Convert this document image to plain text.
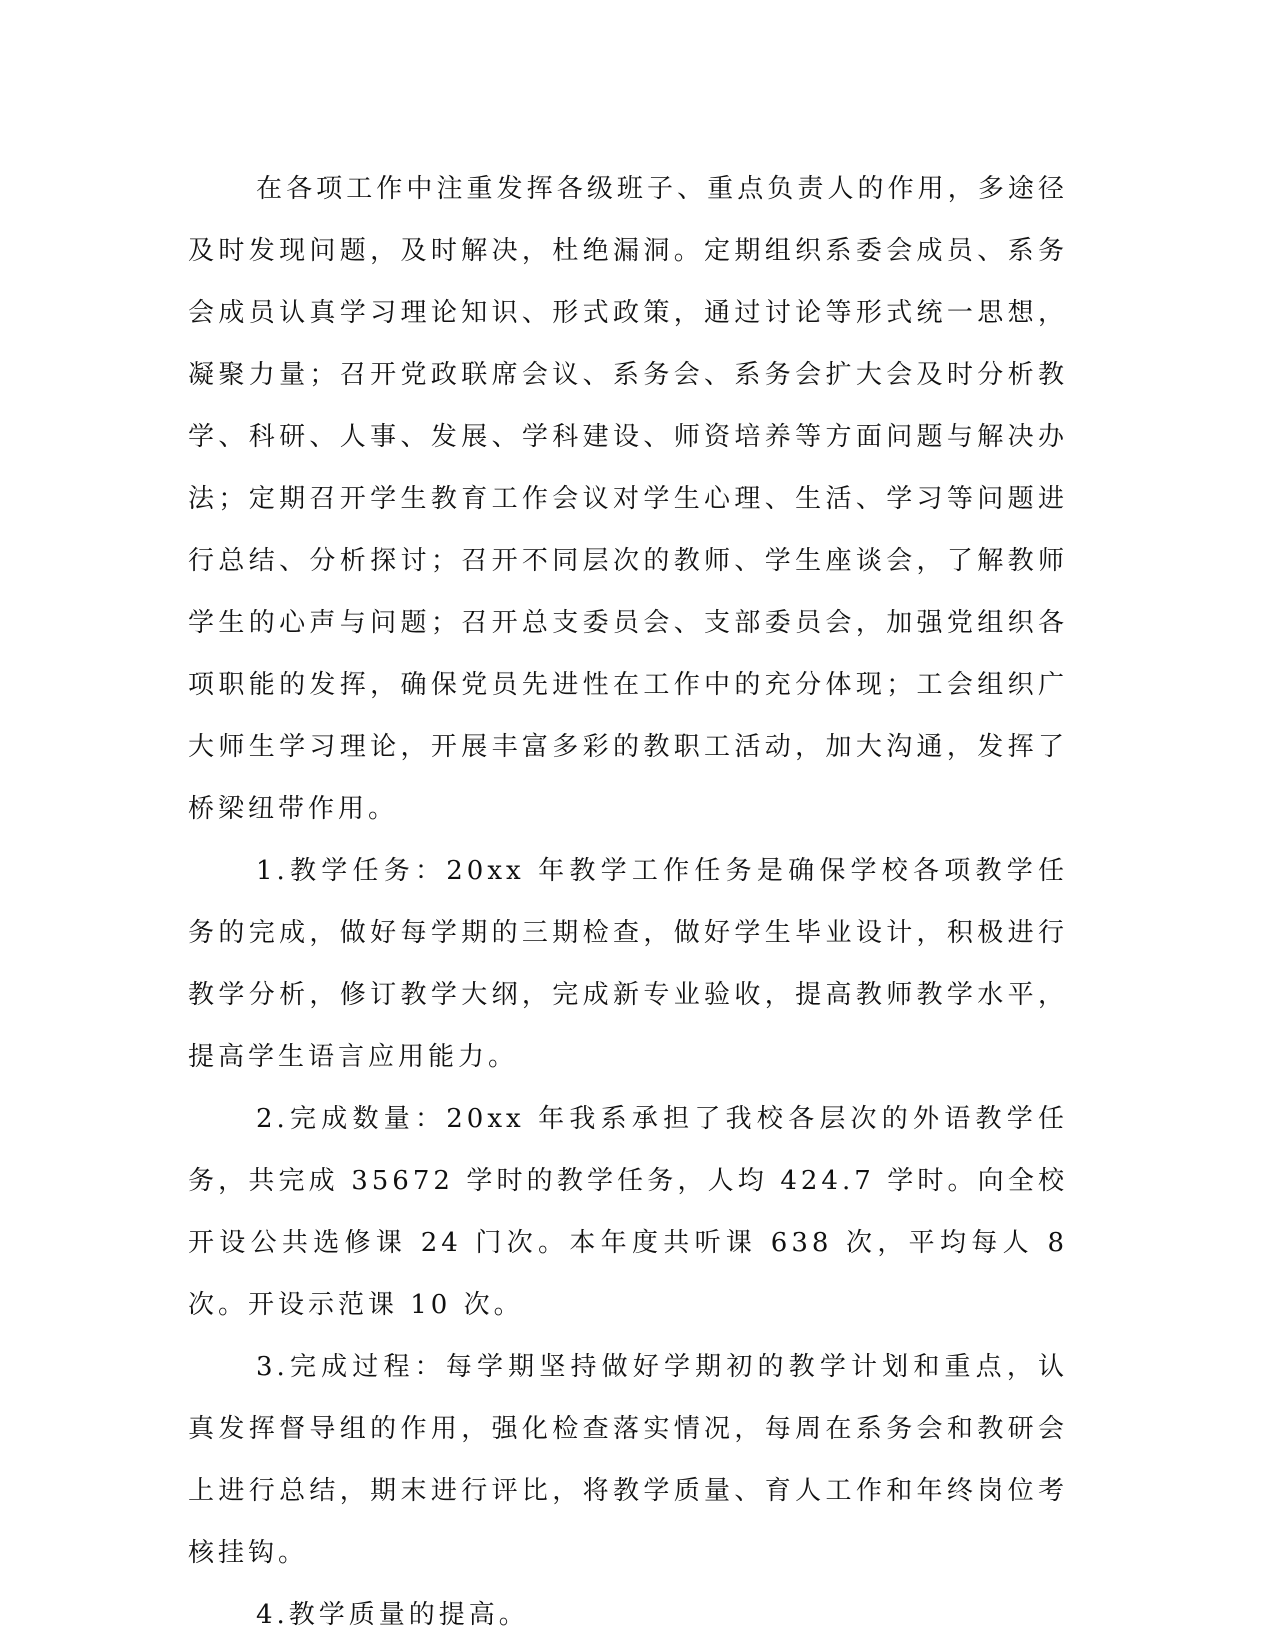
在各项工作中注重发挥各级班子、重点负责人的作用，多途径及时发现问题，及时解决，杜绝漏洞。定期组织系委会成员、系务会成员认真学习理论知识、形式政策，通过讨论等形式统一思想，凝聚力量；召开党政联席会议、系务会、系务会扩大会及时分析教学、科研、人事、发展、学科建设、师资培养等方面问题与解决办法；定期召开学生教育工作会议对学生心理、生活、学习等问题进行总结、分析探讨；召开不同层次的教师、学生座谈会，了解教师学生的心声与问题；召开总支委员会、支部委员会，加强党组织各项职能的发挥，确保党员先进性在工作中的充分体现；工会组织广大师生学习理论，开展丰富多彩的教职工活动，加大沟通，发挥了桥梁纽带作用。

1.教学任务：20xx 年教学工作任务是确保学校各项教学任务的完成，做好每学期的三期检查，做好学生毕业设计，积极进行教学分析，修订教学大纲，完成新专业验收，提高教师教学水平，提高学生语言应用能力。

2.完成数量：20xx 年我系承担了我校各层次的外语教学任务，共完成 35672 学时的教学任务，人均 424.7 学时。向全校开设公共选修课 24 门次。本年度共听课 638 次，平均每人 8 次。开设示范课 10 次。

3.完成过程：每学期坚持做好学期初的教学计划和重点，认真发挥督导组的作用，强化检查落实情况，每周在系务会和教研会上进行总结，期末进行评比，将教学质量、育人工作和年终岗位考核挂钩。

4.教学质量的提高。
